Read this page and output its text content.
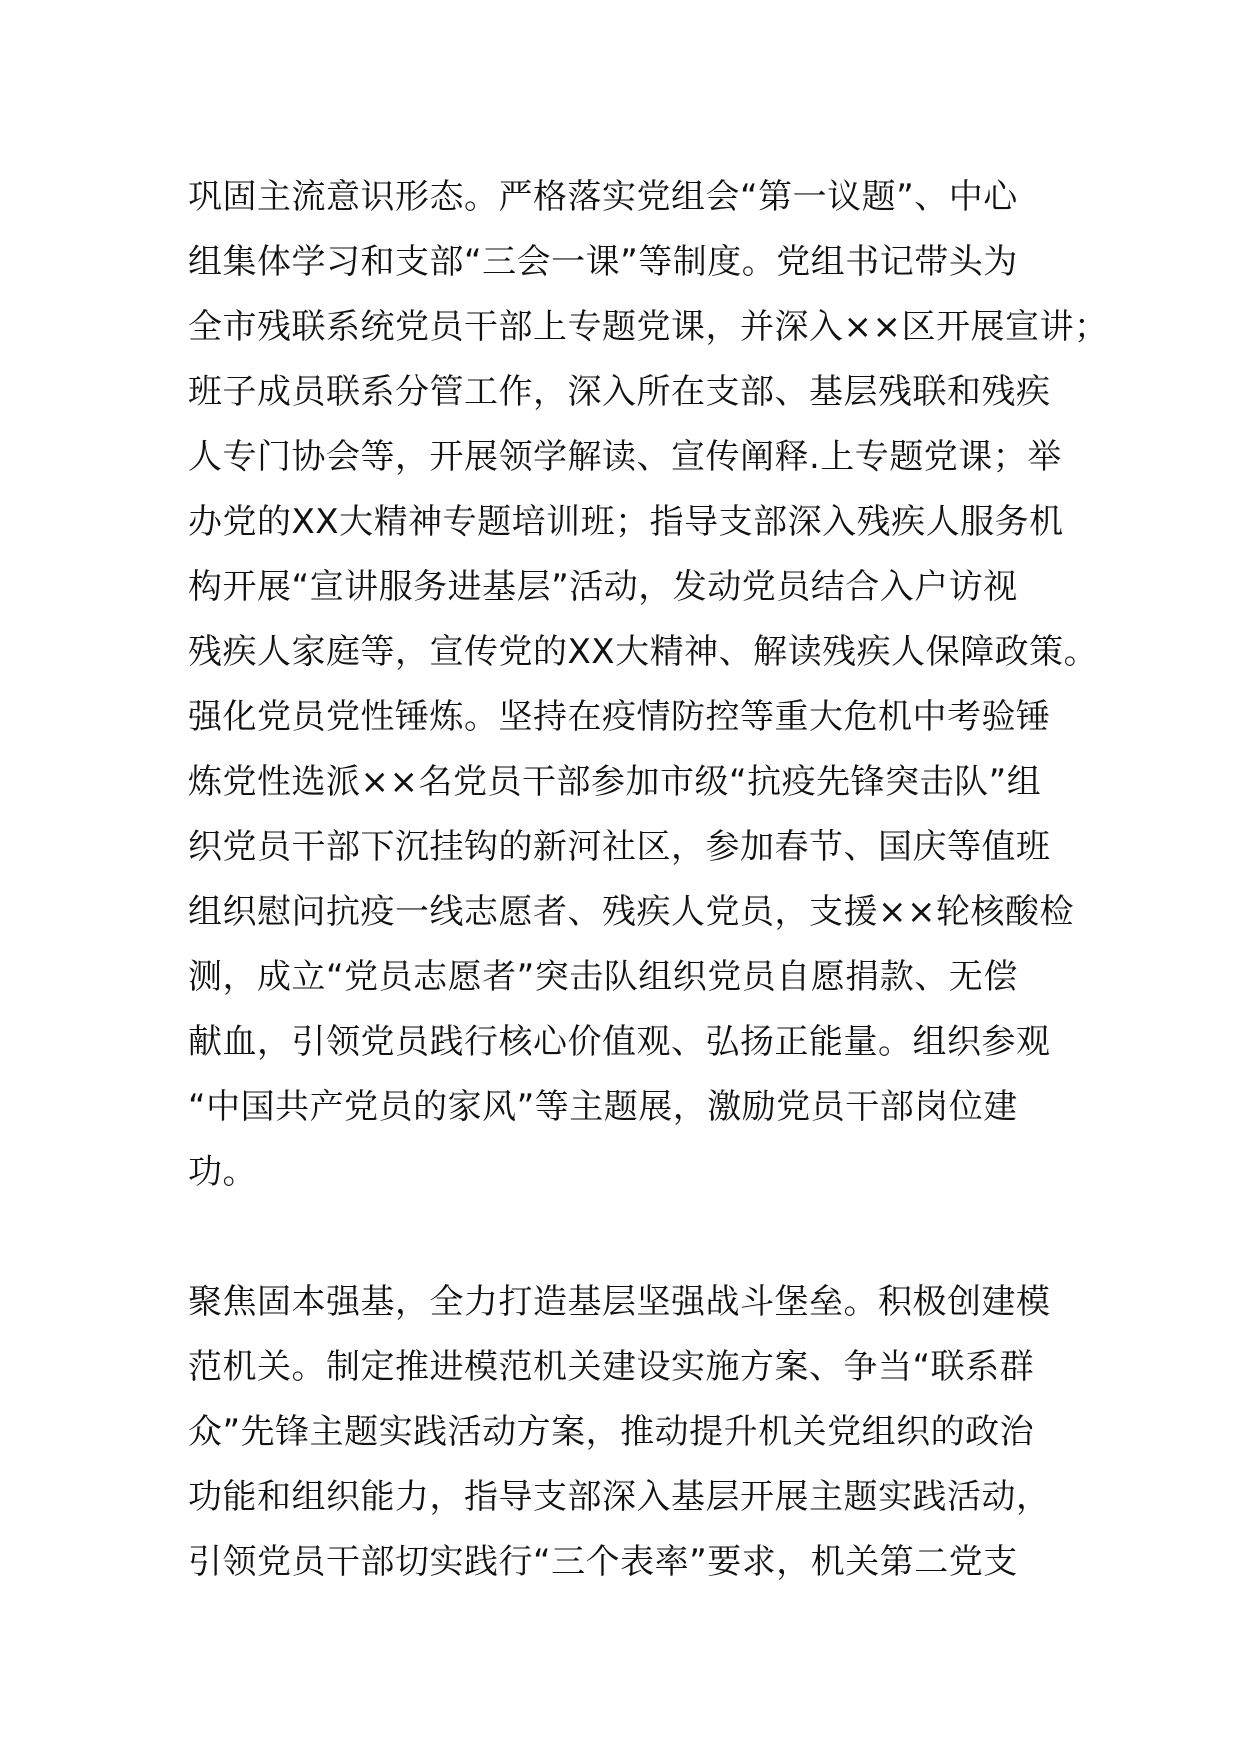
巩固主流意识形态。严格落实党组会“第一议题”、中心
组集体学习和支部“三会一课”等制度。党组书记带头为
全市残联系统党员干部上专题党课，并深入××区开展宣讲；
班子成员联系分管工作，深入所在支部、基层残联和残疾
人专门协会等，开展领学解读、宣传阐释.上专题党课；举
办党的XX大精神专题培训班；指导支部深入残疾人服务机
构开展“宣讲服务进基层”活动，发动党员结合入户访视
残疾人家庭等，宣传党的XX大精神、解读残疾人保障政策。
强化党员党性锤炼。坚持在疫情防控等重大危机中考验锤
炼党性选派××名党员干部参加市级“抗疫先锋突击队”组
织党员干部下沉挂钩的新河社区，参加春节、国庆等值班
组织慰问抗疫一线志愿者、残疾人党员，支援××轮核酸检
测，成立“党员志愿者”突击队组织党员自愿捐款、无偿
献血，引领党员践行核心价值观、弘扬正能量。组织参观
“中国共产党员的家风”等主题展，激励党员干部岗位建
功。
聚焦固本强基，全力打造基层坚强战斗堡垒。积极创建模
范机关。制定推进模范机关建设实施方案、争当“联系群
众”先锋主题实践活动方案，推动提升机关党组织的政治
功能和组织能力，指导支部深入基层开展主题实践活动，
引领党员干部切实践行“三个表率”要求，机关第二党支
